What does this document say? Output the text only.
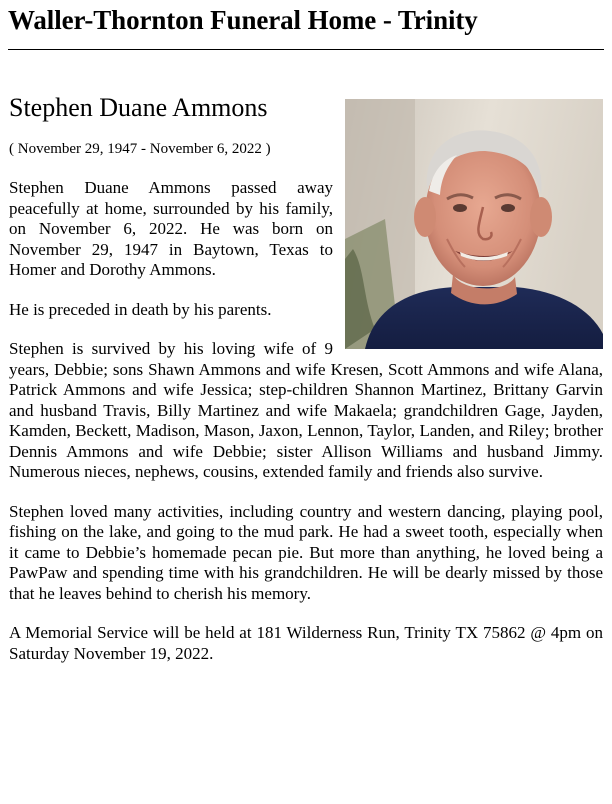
Waller-Thornton Funeral Home - Trinity
Stephen Duane Ammons

( November 29, 1947 - November 6, 2022 )

Stephen Duane Ammons passed away peacefully at home, surrounded by his family, on November 6, 2022. He was born on November 29, 1947 in Baytown, Texas to Homer and Dorothy Ammons.

He is preceded in death by his parents.

Stephen is survived by his loving wife of 9 years, Debbie; sons Shawn Ammons and wife Kresen, Scott Ammons and wife Alana, Patrick Ammons and wife Jessica; step-children Shannon Martinez, Brittany Garvin and husband Travis, Billy Martinez and wife Makaela; grandchildren Gage, Jayden, Kamden, Beckett, Madison, Mason, Jaxon, Lennon, Taylor, Landen, and Riley; brother Dennis Ammons and wife Debbie; sister Allison Williams and husband Jimmy. Numerous nieces, nephews, cousins, extended family and friends also survive.

Stephen loved many activities, including country and western dancing, playing pool, fishing on the lake, and going to the mud park. He had a sweet tooth, especially when it came to Debbie’s homemade pecan pie. But more than anything, he loved being a PawPaw and spending time with his grandchildren. He will be dearly missed by those that he leaves behind to cherish his memory.

A Memorial Service will be held at 181 Wilderness Run, Trinity TX 75862 @ 4pm on Saturday November 19, 2022.
